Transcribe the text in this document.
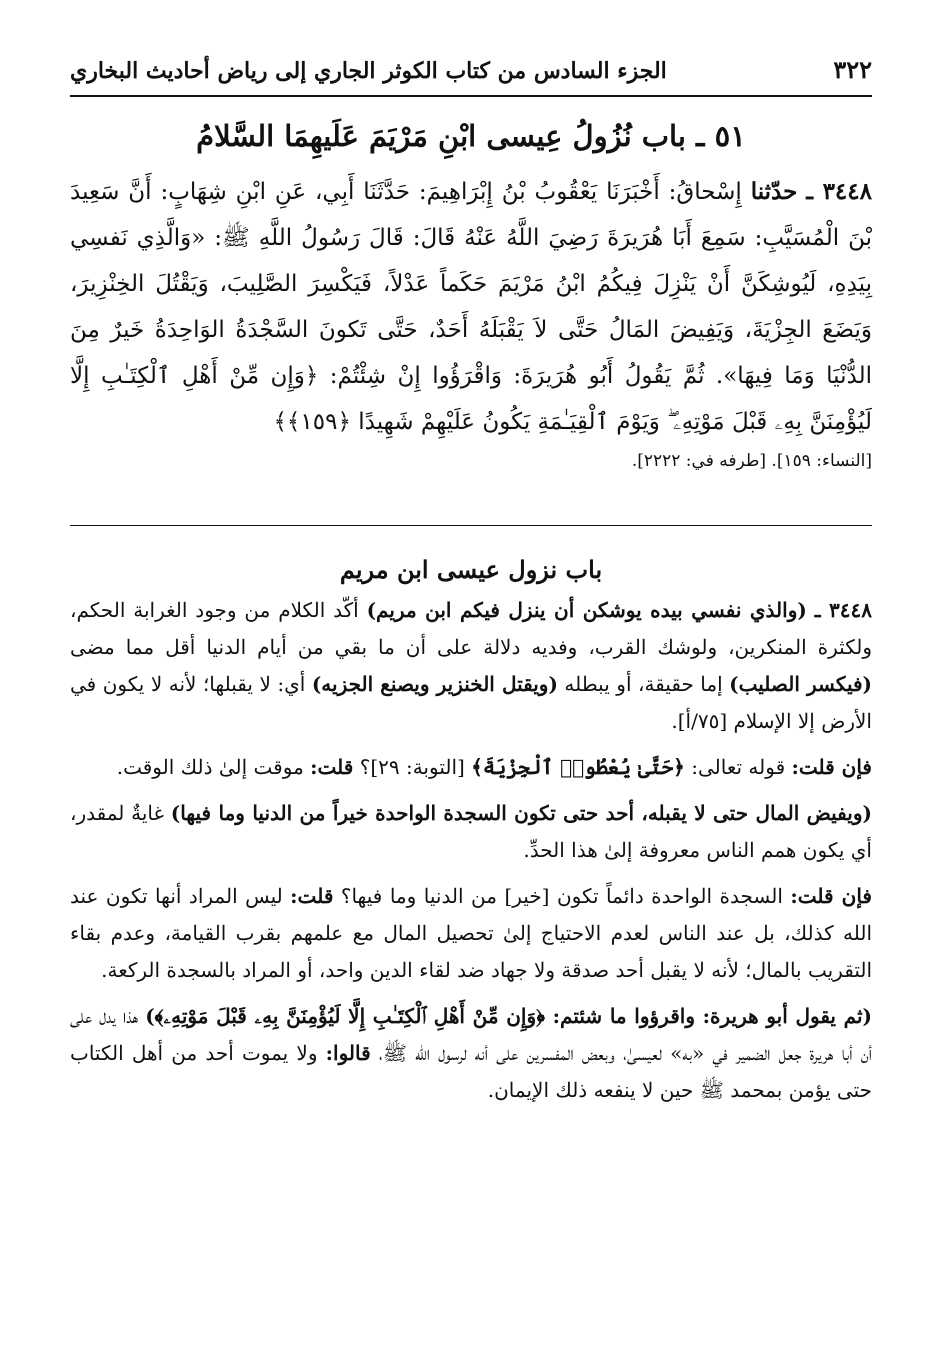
٣٢٢
الجزء السادس من كتاب الكوثر الجاري إلى رياض أحاديث البخاري
٥١ ـ باب نُزُولُ عِيسى ابْنِ مَرْيَمَ عَلَيهِمَا السَّلامُ

٣٤٤٨ ـ حدّثنا إِسْحاقُ: أَخْبَرَنَا يَعْقُوبُ بْنُ إِبْرَاهِيمَ: حَدَّثَنَا أَبِي، عَنِ ابْنِ شِهَابٍ: أَنَّ سَعِيدَ بْنَ الْمُسَيَّبِ: سَمِعَ أَبَا هُرَيرَةَ رَضِيَ اللَّهُ عَنْهُ قَالَ: قَالَ رَسُولُ اللَّهِ ﷺ: «وَالَّذِي نَفسِي بِيَدِهِ، لَيُوشِكَنَّ أَنْ يَنْزِلَ فِيكُمُ ابْنُ مَرْيَمَ حَكَماً عَدْلاً، فَيَكْسِرَ الصَّلِيبَ، وَيَقْتُلَ الخِنْزِيرَ، وَيَضَعَ الجِزْيَةَ، وَيَفِيضَ المَالُ حَتَّى لاَ يَقْبَلَهُ أَحَدٌ، حَتَّى تَكونَ السَّجْدَةُ الوَاحِدَةُ خَيرٌ مِنَ الدُّنْيَا وَمَا فِيهَا». ثُمَّ يَقُولُ أَبُو هُرَيرَةَ: وَاقْرَؤُوا إِنْ شِئْتُمْ: ﴿وَإِن مِّنْ أَهْلِ ٱلْكِتَـٰبِ إِلَّا لَيُؤْمِنَنَّ بِهِۦ قَبْلَ مَوْتِهِۦ ۖ وَيَوْمَ ٱلْقِيَـٰمَةِ يَكُونُ عَلَيْهِمْ شَهِيدًا ﴿١٥٩﴾﴾

[النساء: ١٥٩]. [طرفه في: ٢٢٢٢].
باب نزول عيسى ابن مريم

٣٤٤٨ ـ (والذي نفسي بيده يوشكن أن ينزل فيكم ابن مريم) أكّد الكلام من وجود الغرابة الحكم، ولكثرة المنكرين، ولوشك القرب، وفديه دلالة على أن ما بقي من أيام الدنيا أقل مما مضى (فيكسر الصليب) إما حقيقة، أو يبطله (ويقتل الخنزير ويصنع الجزيه) أي: لا يقبلها؛ لأنه لا يكون في الأرض إلا الإسلام [٧٥/أ].

فإن قلت: قوله تعالى: ﴿حَتَّىٰ يُعْطُوا۟ ٱلْجِزْيَةَ﴾ [التوبة: ٢٩]؟ قلت: موقت إلىٰ ذلك الوقت.

(ويفيض المال حتى لا يقبله، أحد حتى تكون السجدة الواحدة خيراً من الدنيا وما فيها) غايةٌ لمقدر، أي يكون همم الناس معروفة إلىٰ هذا الحدِّ.

فإن قلت: السجدة الواحدة دائماً تكون [خير] من الدنيا وما فيها؟ قلت: ليس المراد أنها تكون عند الله كذلك، بل عند الناس لعدم الاحتياج إلىٰ تحصيل المال مع علمهم بقرب القيامة، وعدم بقاء التقريب بالمال؛ لأنه لا يقبل أحد صدقة ولا جهاد ضد لقاء الدين واحد، أو المراد بالسجدة الركعة.

(ثم يقول أبو هريرة: واقرؤوا ما شئتم: ﴿وَإِن مِّنْ أَهْلِ ٱلْكِتَـٰبِ إِلَّا لَيُؤْمِنَنَّ بِهِۦ قَبْلَ مَوْتِهِۦ﴾) هذا يدل على أن أبا هريرة جعل الضمير في «به» لعيسىٰ، وبعض المفسرين على أنه لرسول الله ﷺ، قالوا: ولا يموت أحد من أهل الكتاب حتى يؤمن بمحمد ﷺ حين لا ينفعه ذلك الإيمان.
